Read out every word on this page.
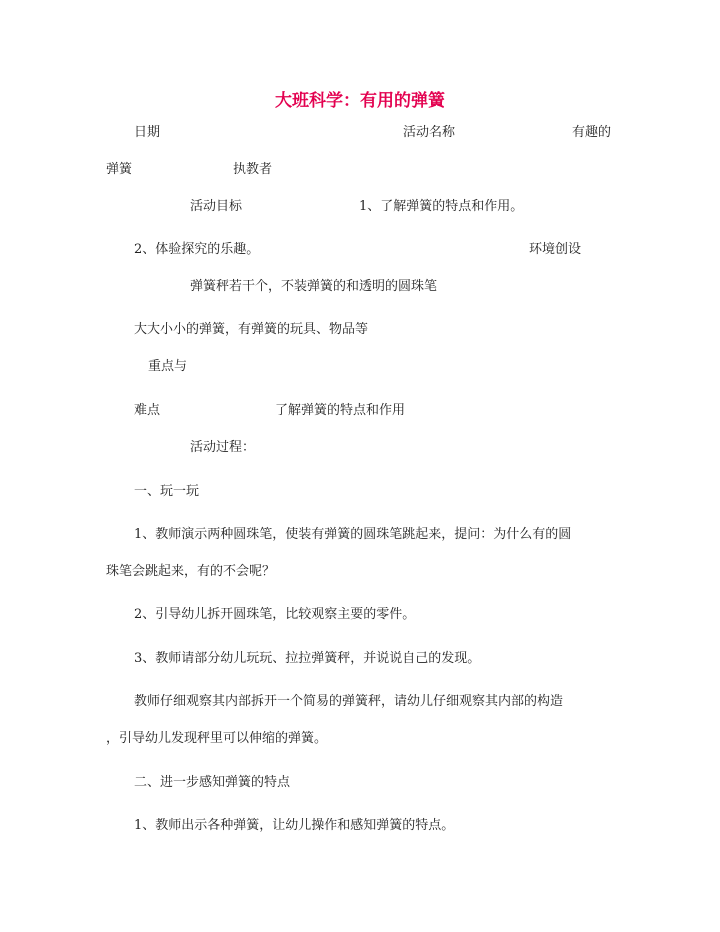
大班科学：有用的弹簧
日期	活动名称	有趣的
弹簧	执教者
活动目标	1、了解弹簧的特点和作用。
2、体验探究的乐趣。	环境创设
弹簧秤若干个，不装弹簧的和透明的圆珠笔
大大小小的弹簧，有弹簧的玩具、物品等
重点与
难点	了解弹簧的特点和作用
活动过程：
一、玩一玩
1、教师演示两种圆珠笔，使装有弹簧的圆珠笔跳起来，提问：为什么有的圆
珠笔会跳起来，有的不会呢？
2、引导幼儿拆开圆珠笔，比较观察主要的零件。
3、教师请部分幼儿玩玩、拉拉弹簧秤，并说说自己的发现。
教师仔细观察其内部拆开一个简易的弹簧秤，请幼儿仔细观察其内部的构造
，引导幼儿发现秤里可以伸缩的弹簧。
二、进一步感知弹簧的特点
1、教师出示各种弹簧，让幼儿操作和感知弹簧的特点。
